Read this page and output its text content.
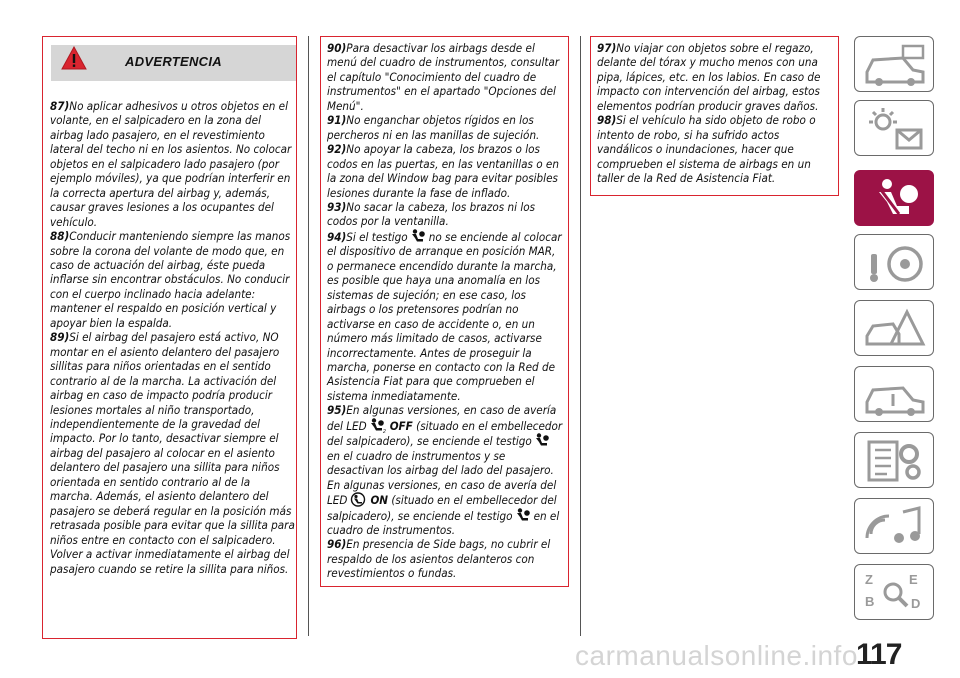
ADVERTENCIA

87)No aplicar adhesivos u otros objetos en el volante, en el salpicadero en la zona del airbag lado pasajero, en el revestimiento lateral del techo ni en los asientos. No colocar objetos en el salpicadero lado pasajero (por ejemplo móviles), ya que podrían interferir en la correcta apertura del airbag y, además, causar graves lesiones a los ocupantes del vehículo.

88)Conducir manteniendo siempre las manos sobre la corona del volante de modo que, en caso de actuación del airbag, éste pueda inflarse sin encontrar obstáculos. No conducir con el cuerpo inclinado hacia adelante: mantener el respaldo en posición vertical y apoyar bien la espalda.

89)Si el airbag del pasajero está activo, NO montar en el asiento delantero del pasajero sillitas para niños orientadas en el sentido contrario al de la marcha. La activación del airbag en caso de impacto podría producir lesiones mortales al niño transportado, independientemente de la gravedad del impacto. Por lo tanto, desactivar siempre el airbag del pasajero al colocar en el asiento delantero del pasajero una sillita para niños orientada en sentido contrario al de la marcha. Además, el asiento delantero del pasajero se deberá regular en la posición más retrasada posible para evitar que la sillita para niños entre en contacto con el salpicadero. Volver a activar inmediatamente el airbag del pasajero cuando se retire la sillita para niños.

90)Para desactivar los airbags desde el menú del cuadro de instrumentos, consultar el capítulo "Conocimiento del cuadro de instrumentos" en el apartado "Opciones del Menú".

91)No enganchar objetos rígidos en los percheros ni en las manillas de sujeción.

92)No apoyar la cabeza, los brazos o los codos en las puertas, en las ventanillas o en la zona del Window bag para evitar posibles lesiones durante la fase de inflado.

93)No sacar la cabeza, los brazos ni los codos por la ventanilla.

94)Si el testigo no se enciende al colocar el dispositivo de arranque en posición MAR, o permanece encendido durante la marcha, es posible que haya una anomalía en los sistemas de sujeción; en ese caso, los airbags o los pretensores podrían no activarse en caso de accidente o, en un número más limitado de casos, activarse incorrectamente. Antes de proseguir la marcha, ponerse en contacto con la Red de Asistencia Fiat para que comprueben el sistema inmediatamente.

95)En algunas versiones, en caso de avería del LED	2 OFF (situado en el embellecedor del salpicadero), se enciende el testigoen el cuadro de instrumentos y se desactivan los airbag del lado del pasajero. En algunas versiones, en caso de avería del LED ON (situado en el embellecedor del salpicadero), se enciende el testigo en el cuadro de instrumentos.

96)En presencia de Side bags, no cubrir el respaldo de los asientos delanteros con revestimientos o fundas.

97)No viajar con objetos sobre el regazo, delante del tórax y mucho menos con una pipa, lápices, etc. en los labios. En caso de impacto con intervención del airbag, estos elementos podrían producir graves daños.

98)Si el vehículo ha sido objeto de robo o intento de robo, si ha sufrido actos vandálicos o inundaciones, hacer que comprueben el sistema de airbags en un taller de la Red de Asistencia Fiat.

Z	E
B	D
117
carmanualsonline.info
